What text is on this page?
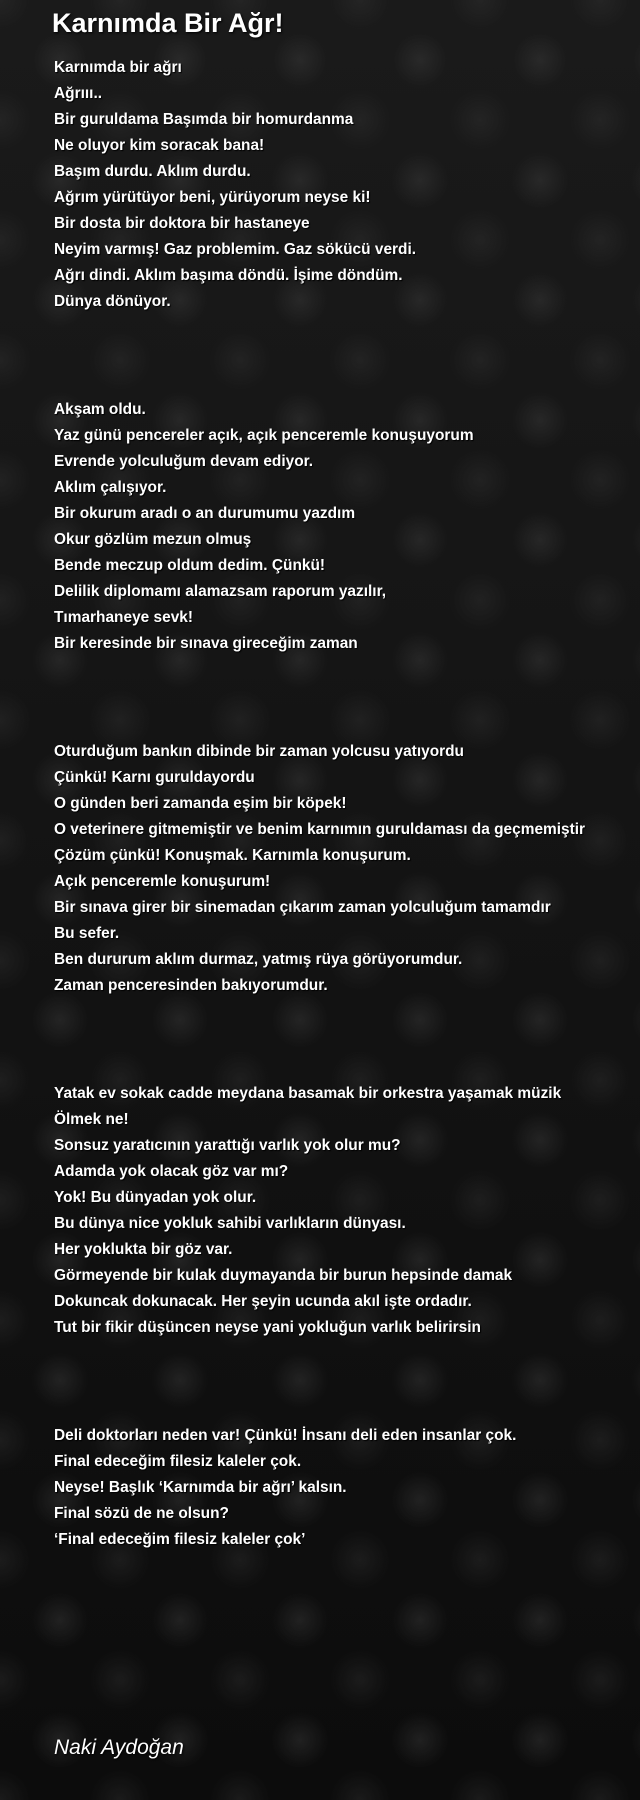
Karnımda Bir Ağr!
Karnımda bir ağrı
Ağrııı..
Bir guruldama Başımda bir homurdanma
Ne oluyor kim soracak bana!
Başım durdu. Aklım durdu.
Ağrım yürütüyor beni, yürüyorum neyse ki!
Bir dosta bir doktora bir hastaneye
Neyim varmış! Gaz problemim. Gaz sökücü verdi.
Ağrı dindi. Aklım başıma döndü. İşime döndüm.
Dünya dönüyor.
Akşam oldu.
Yaz günü pencereler açık, açık penceremle konuşuyorum
Evrende yolculuğum devam ediyor.
Aklım çalışıyor.
Bir okurum aradı o an durumumu yazdım
Okur gözlüm mezun olmuş
Bende meczup oldum dedim. Çünkü!
Delilik diplomamı alamazsam raporum yazılır,
Tımarhaneye sevk!
Bir keresinde bir sınava gireceğim zaman
Oturduğum bankın dibinde bir zaman yolcusu yatıyordu
Çünkü! Karnı guruldayordu
O günden beri zamanda eşim bir köpek!
O veterinere gitmemiştir ve benim karnımın guruldaması da geçmemiştir
Çözüm çünkü! Konuşmak. Karnımla konuşurum.
Açık penceremle konuşurum!
Bir sınava girer bir sinemadan çıkarım zaman yolculuğum tamamdır
Bu sefer.
Ben dururum aklım durmaz, yatmış rüya görüyorumdur.
Zaman penceresinden bakıyorumdur.
Yatak ev sokak cadde meydana basamak bir orkestra yaşamak müzik
Ölmek ne!
Sonsuz yaratıcının yarattığı varlık yok olur mu?
Adamda yok olacak göz var mı?
Yok! Bu dünyadan yok olur.
Bu dünya nice yokluk sahibi varlıkların dünyası.
Her yoklukta bir göz var.
Görmeyende bir kulak duymayanda bir burun hepsinde damak
Dokuncak dokunacak. Her şeyin ucunda akıl işte ordadır.
Tut bir fikir düşüncen neyse yani yokluğun varlık belirirsin
Deli doktorları neden var! Çünkü! İnsanı deli eden insanlar çok.
Final edeceğim filesiz kaleler çok.
Neyse! Başlık ‘Karnımda bir ağrı’ kalsın.
Final sözü de ne olsun?
‘Final edeceğim filesiz kaleler çok’

Naki Aydoğan
